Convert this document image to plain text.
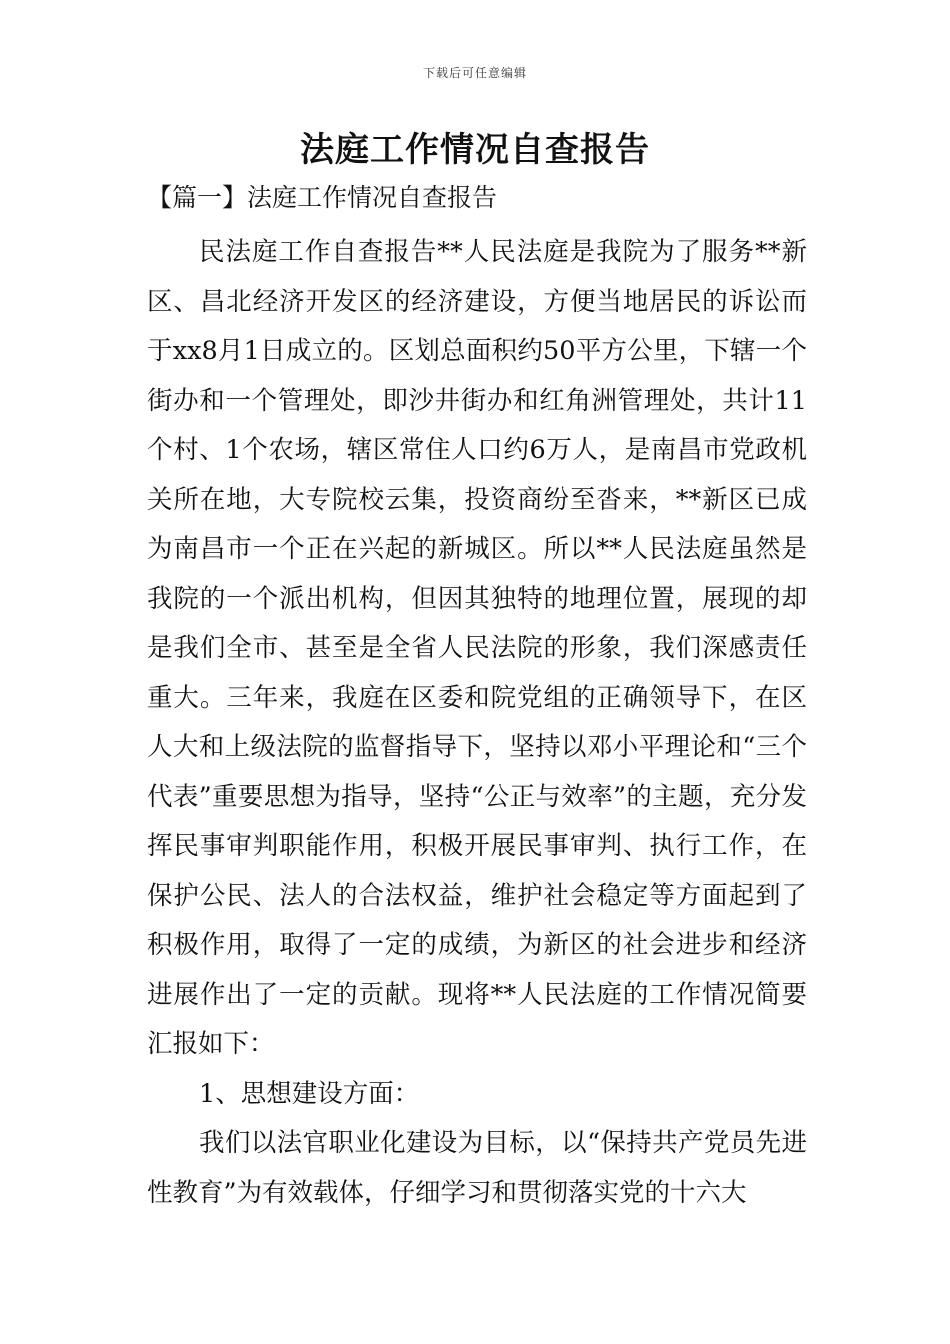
下载后可任意编辑
法庭工作情况自查报告
【篇一】法庭工作情况自查报告

民法庭工作自查报告**人民法庭是我院为了服务**新区、昌北经济开发区的经济建设，方便当地居民的诉讼而于xx8月1日成立的。区划总面积约50平方公里，下辖一个街办和一个管理处，即沙井街办和红角洲管理处，共计11个村、1个农场，辖区常住人口约6万人，是南昌市党政机关所在地，大专院校云集，投资商纷至沓来，**新区已成为南昌市一个正在兴起的新城区。所以**人民法庭虽然是我院的一个派出机构，但因其独特的地理位置，展现的却是我们全市、甚至是全省人民法院的形象，我们深感责任重大。三年来，我庭在区委和院党组的正确领导下，在区人大和上级法院的监督指导下，坚持以邓小平理论和“三个代表”重要思想为指导，坚持“公正与效率”的主题，充分发挥民事审判职能作用，积极开展民事审判、执行工作，在保护公民、法人的合法权益，维护社会稳定等方面起到了积极作用，取得了一定的成绩，为新区的社会进步和经济进展作出了一定的贡献。现将**人民法庭的工作情况简要汇报如下：

1、思想建设方面：

我们以法官职业化建设为目标，以“保持共产党员先进性教育”为有效载体，仔细学习和贯彻落实党的十六大
